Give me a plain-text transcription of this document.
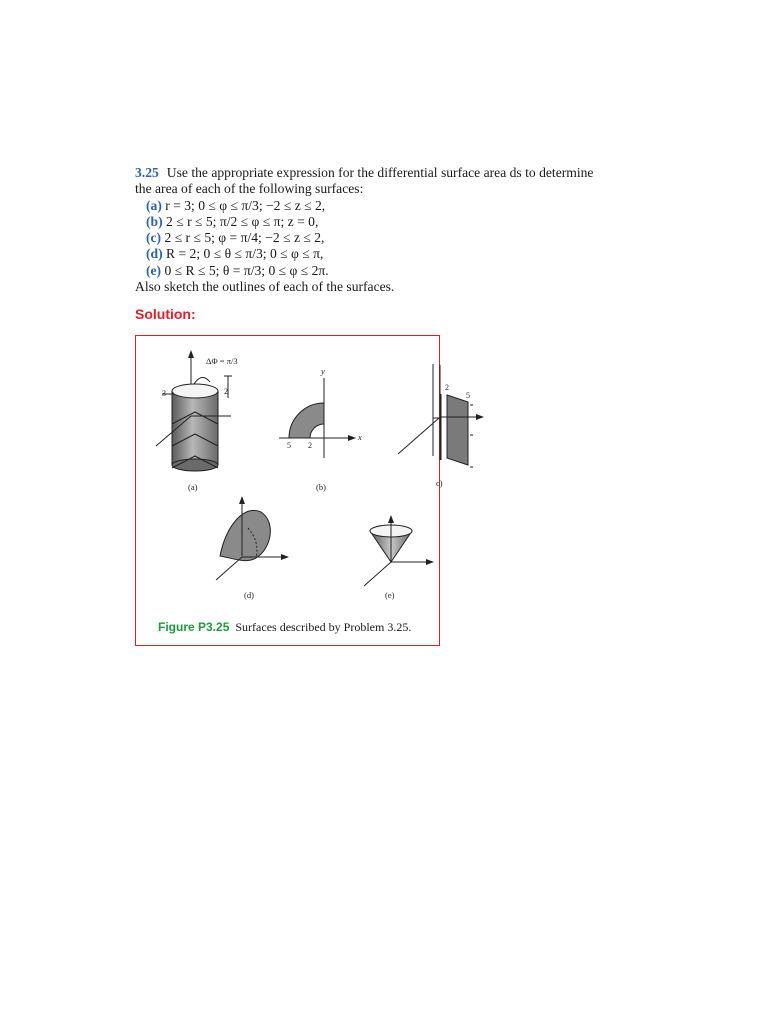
3.25 Use the appropriate expression for the differential surface area ds to determine
the area of each of the following surfaces:
(a) r = 3; 0 ≤ φ ≤ π/3; −2 ≤ z ≤ 2,
(b) 2 ≤ r ≤ 5; π/2 ≤ φ ≤ π; z = 0,
(c) 2 ≤ r ≤ 5; φ = π/4; −2 ≤ z ≤ 2,
(d) R = 2; 0 ≤ θ ≤ π/3; 0 ≤ φ ≤ π,
(e) 0 ≤ R ≤ 5; θ = π/3; 0 ≤ φ ≤ 2π.
Also sketch the outlines of each of the surfaces.
Solution:
ΔΦ = π/3
3	2
(a)
y
x
5 2
(b)	c)
(d)	(e)
Figure P3.25 Surfaces described by Problem 3.25.
2
5
